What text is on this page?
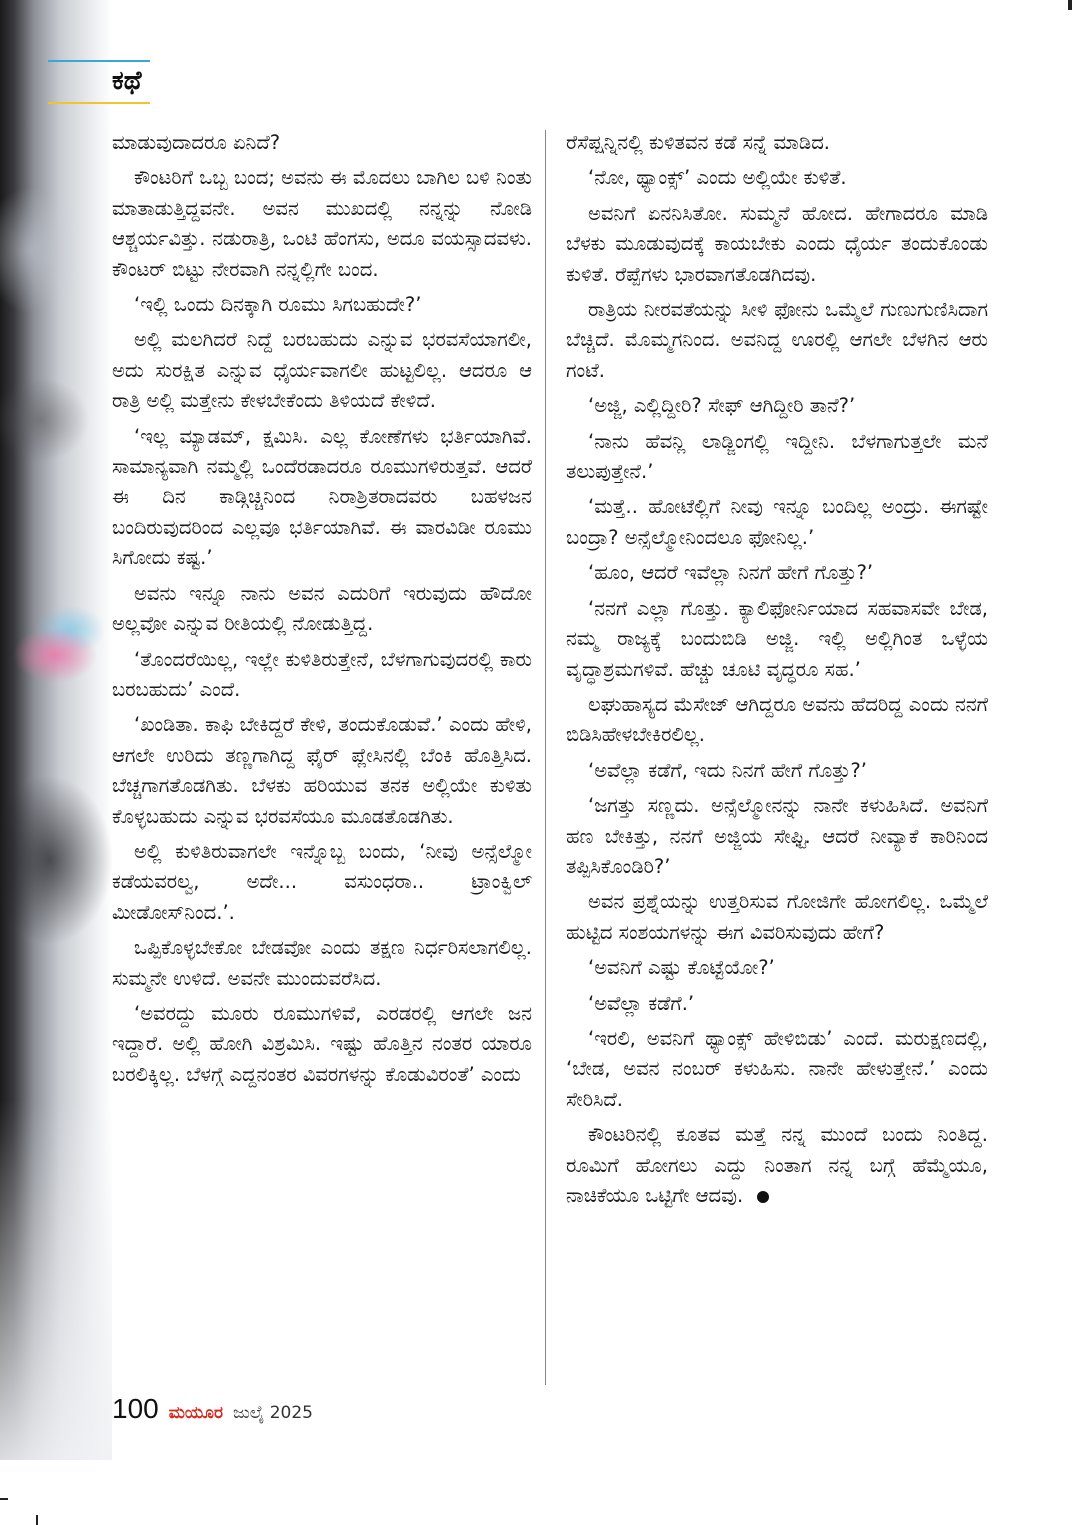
ಕಥೆ

ಮಾಡುವುದಾದರೂ ಏನಿದೆ?

ಕೌಂಟರಿಗೆ ಒಬ್ಬ ಬಂದ; ಅವನು ಈ ಮೊದಲು ಬಾಗಿಲ ಬಳಿ ನಿಂತು ಮಾತಾಡುತ್ತಿದ್ದವನೇ. ಅವನ ಮುಖದಲ್ಲಿ ನನ್ನನ್ನು ನೋಡಿ ಆಶ್ಚರ್ಯವಿತ್ತು. ನಡುರಾತ್ರಿ, ಒಂಟಿ ಹೆಂಗಸು, ಅದೂ ವಯಸ್ಸಾದವಳು. ಕೌಂಟರ್ ಬಿಟ್ಟು ನೇರವಾಗಿ ನನ್ನಲ್ಲಿಗೇ ಬಂದ.

‘ಇಲ್ಲಿ ಒಂದು ದಿನಕ್ಕಾಗಿ ರೂಮು ಸಿಗಬಹುದೇ?’

ಅಲ್ಲಿ ಮಲಗಿದರೆ ನಿದ್ದೆ ಬರಬಹುದು ಎನ್ನುವ ಭರವಸೆಯಾಗಲೀ, ಅದು ಸುರಕ್ಷಿತ ಎನ್ನುವ ಧೈರ್ಯವಾಗಲೀ ಹುಟ್ಟಲಿಲ್ಲ. ಆದರೂ ಆ ರಾತ್ರಿ ಅಲ್ಲಿ ಮತ್ತೇನು ಕೇಳಬೇಕೆಂದು ತಿಳಿಯದೆ ಕೇಳಿದೆ.

‘ಇಲ್ಲ ಮ್ಯಾಡಮ್, ಕ್ಷಮಿಸಿ. ಎಲ್ಲ ಕೋಣೆಗಳು ಭರ್ತಿಯಾಗಿವೆ. ಸಾಮಾನ್ಯವಾಗಿ ನಮ್ಮಲ್ಲಿ ಒಂದೆರಡಾದರೂ ರೂಮುಗಳಿರುತ್ತವೆ. ಆದರೆ ಈ ದಿನ ಕಾಡ್ಗಿಚ್ಚಿನಿಂದ ನಿರಾಶ್ರಿತರಾದವರು ಬಹಳಜನ ಬಂದಿರುವುದರಿಂದ ಎಲ್ಲವೂ ಭರ್ತಿಯಾಗಿವೆ. ಈ ವಾರವಿಡೀ ರೂಮು ಸಿಗೋದು ಕಷ್ಟ.’

ಅವನು ಇನ್ನೂ ನಾನು ಅವನ ಎದುರಿಗೆ ಇರುವುದು ಹೌದೋ ಅಲ್ಲವೋ ಎನ್ನುವ ರೀತಿಯಲ್ಲಿ ನೋಡುತ್ತಿದ್ದ.

‘ತೊಂದರೆಯಿಲ್ಲ, ಇಲ್ಲೇ ಕುಳಿತಿರುತ್ತೇನೆ, ಬೆಳಗಾಗುವುದರಲ್ಲಿ ಕಾರು ಬರಬಹುದು’ ಎಂದೆ.

‘ಖಂಡಿತಾ. ಕಾಫಿ ಬೇಕಿದ್ದರೆ ಕೇಳಿ, ತಂದುಕೊಡುವೆ.’ ಎಂದು ಹೇಳಿ, ಆಗಲೇ ಉರಿದು ತಣ್ಣಗಾಗಿದ್ದ ಫೈರ್ ಪ್ಲೇಸಿನಲ್ಲಿ ಬೆಂಕಿ ಹೊತ್ತಿಸಿದ. ಬೆಚ್ಚಗಾಗತೊಡಗಿತು. ಬೆಳಕು ಹರಿಯುವ ತನಕ ಅಲ್ಲಿಯೇ ಕುಳಿತು ಕೊಳ್ಳಬಹುದು ಎನ್ನುವ ಭರವಸೆಯೂ ಮೂಡತೊಡಗಿತು.

ಅಲ್ಲಿ ಕುಳಿತಿರುವಾಗಲೇ ಇನ್ನೊಬ್ಬ ಬಂದು, ‘ನೀವು ಅನ್ಸೆಲ್ಮೋ ಕಡೆಯವರಲ್ವ, ಅದೇ... ವಸುಂಧರಾ.. ಟ್ರಾಂಕ್ವಿಲ್ ಮೀಡೋಸ್‌ನಿಂದ.’.

ಒಪ್ಪಿಕೊಳ್ಳಬೇಕೋ ಬೇಡವೋ ಎಂದು ತಕ್ಷಣ ನಿರ್ಧರಿಸಲಾಗಲಿಲ್ಲ. ಸುಮ್ಮನೇ ಉಳಿದೆ. ಅವನೇ ಮುಂದುವರೆಸಿದ.

‘ಅವರದ್ದು ಮೂರು ರೂಮುಗಳಿವೆ, ಎರಡರಲ್ಲಿ ಆಗಲೇ ಜನ ಇದ್ದಾರೆ. ಅಲ್ಲಿ ಹೋಗಿ ವಿಶ್ರಮಿಸಿ. ಇಷ್ಟು ಹೊತ್ತಿನ ನಂತರ ಯಾರೂ ಬರಲಿಕ್ಕಿಲ್ಲ. ಬೆಳಗ್ಗೆ ಎದ್ದನಂತರ ವಿವರಗಳನ್ನು ಕೊಡುವಿರಂತೆ’ ಎಂದು

ರೆಸೆಪ್ಷನ್ನಿನಲ್ಲಿ ಕುಳಿತವನ ಕಡೆ ಸನ್ನೆ ಮಾಡಿದ.

‘ನೋ, ಥ್ಯಾಂಕ್ಸ್’ ಎಂದು ಅಲ್ಲಿಯೇ ಕುಳಿತೆ.

ಅವನಿಗೆ ಏನನಿಸಿತೋ. ಸುಮ್ಮನೆ ಹೋದ. ಹೇಗಾದರೂ ಮಾಡಿ ಬೆಳಕು ಮೂಡುವುದಕ್ಕೆ ಕಾಯಬೇಕು ಎಂದು ಧೈರ್ಯ ತಂದುಕೊಂಡು ಕುಳಿತೆ. ರೆಪ್ಪೆಗಳು ಭಾರವಾಗತೊಡಗಿದವು.

ರಾತ್ರಿಯ ನೀರವತೆಯನ್ನು ಸೀಳಿ ಫೋನು ಒಮ್ಮೆಲೆ ಗುಣುಗುಣಿಸಿದಾಗ ಬೆಚ್ಚಿದೆ. ಮೊಮ್ಮಗನಿಂದ. ಅವನಿದ್ದ ಊರಲ್ಲಿ ಆಗಲೇ ಬೆಳಗಿನ ಆರು ಗಂಟೆ.

‘ಅಜ್ಜಿ, ಎಲ್ಲಿದ್ದೀರಿ? ಸೇಫ್ ಆಗಿದ್ದೀರಿ ತಾನೆ?’

‘ನಾನು ಹೆವನ್ಲಿ ಲಾಡ್ಜಿಂಗಲ್ಲಿ ಇದ್ದೀನಿ. ಬೆಳಗಾಗುತ್ತಲೇ ಮನೆ ತಲುಪುತ್ತೇನೆ.’

‘ಮತ್ತೆ.. ಹೋಟೆಲ್ಲಿಗೆ ನೀವು ಇನ್ನೂ ಬಂದಿಲ್ಲ ಅಂದ್ರು. ಈಗಷ್ಟೇ ಬಂದ್ರಾ? ಅನ್ಸೆಲ್ಮೋನಿಂದಲೂ ಫೋನಿಲ್ಲ.’

‘ಹೂಂ, ಆದರೆ ಇವೆಲ್ಲಾ ನಿನಗೆ ಹೇಗೆ ಗೊತ್ತು?’

‘ನನಗೆ ಎಲ್ಲಾ ಗೊತ್ತು. ಕ್ಯಾಲಿಫೋರ್ನಿಯಾದ ಸಹವಾಸವೇ ಬೇಡ, ನಮ್ಮ ರಾಜ್ಯಕ್ಕೆ ಬಂದುಬಿಡಿ ಅಜ್ಜಿ. ಇಲ್ಲಿ ಅಲ್ಲಿಗಿಂತ ಒಳ್ಳೆಯ ವೃದ್ಧಾಶ್ರಮಗಳಿವೆ. ಹೆಚ್ಚು ಚೂಟಿ ವೃದ್ಧರೂ ಸಹ.’

ಲಘುಹಾಸ್ಯದ ಮೆಸೇಜ್ ಆಗಿದ್ದರೂ ಅವನು ಹೆದರಿದ್ದ ಎಂದು ನನಗೆ ಬಿಡಿಸಿಹೇಳಬೇಕಿರಲಿಲ್ಲ.

‘ಅವೆಲ್ಲಾ ಕಡೆಗೆ, ಇದು ನಿನಗೆ ಹೇಗೆ ಗೊತ್ತು?’

‘ಜಗತ್ತು ಸಣ್ಣದು. ಅನ್ಸೆಲ್ಮೋನನ್ನು ನಾನೇ ಕಳುಹಿಸಿದೆ. ಅವನಿಗೆ ಹಣ ಬೇಕಿತ್ತು, ನನಗೆ ಅಜ್ಜಿಯ ಸೇಫ್ಟಿ. ಆದರೆ ನೀವ್ಯಾಕೆ ಕಾರಿನಿಂದ ತಪ್ಪಿಸಿಕೊಂಡಿರಿ?’

ಅವನ ಪ್ರಶ್ನೆಯನ್ನು ಉತ್ತರಿಸುವ ಗೋಜಿಗೇ ಹೋಗಲಿಲ್ಲ. ಒಮ್ಮೆಲೆ ಹುಟ್ಟಿದ ಸಂಶಯಗಳನ್ನು ಈಗ ವಿವರಿಸುವುದು ಹೇಗೆ?

‘ಅವನಿಗೆ ಎಷ್ಟು ಕೊಟ್ಟೆಯೋ?’

‘ಅವೆಲ್ಲಾ ಕಡೆಗೆ.’

‘ಇರಲಿ, ಅವನಿಗೆ ಥ್ಯಾಂಕ್ಸ್ ಹೇಳಿಬಿಡು’ ಎಂದೆ. ಮರುಕ್ಷಣದಲ್ಲಿ, ‘ಬೇಡ, ಅವನ ನಂಬರ್ ಕಳುಹಿಸು. ನಾನೇ ಹೇಳುತ್ತೇನೆ.’ ಎಂದು ಸೇರಿಸಿದೆ.

ಕೌಂಟರಿನಲ್ಲಿ ಕೂತವ ಮತ್ತೆ ನನ್ನ ಮುಂದೆ ಬಂದು ನಿಂತಿದ್ದ. ರೂಮಿಗೆ ಹೋಗಲು ಎದ್ದು ನಿಂತಾಗ ನನ್ನ ಬಗ್ಗೆ ಹೆಮ್ಮೆಯೂ, ನಾಚಿಕೆಯೂ ಒಟ್ಟಿಗೇ ಆದವು.

100 ಮಯೂರ ಜುಲೈ 2025
